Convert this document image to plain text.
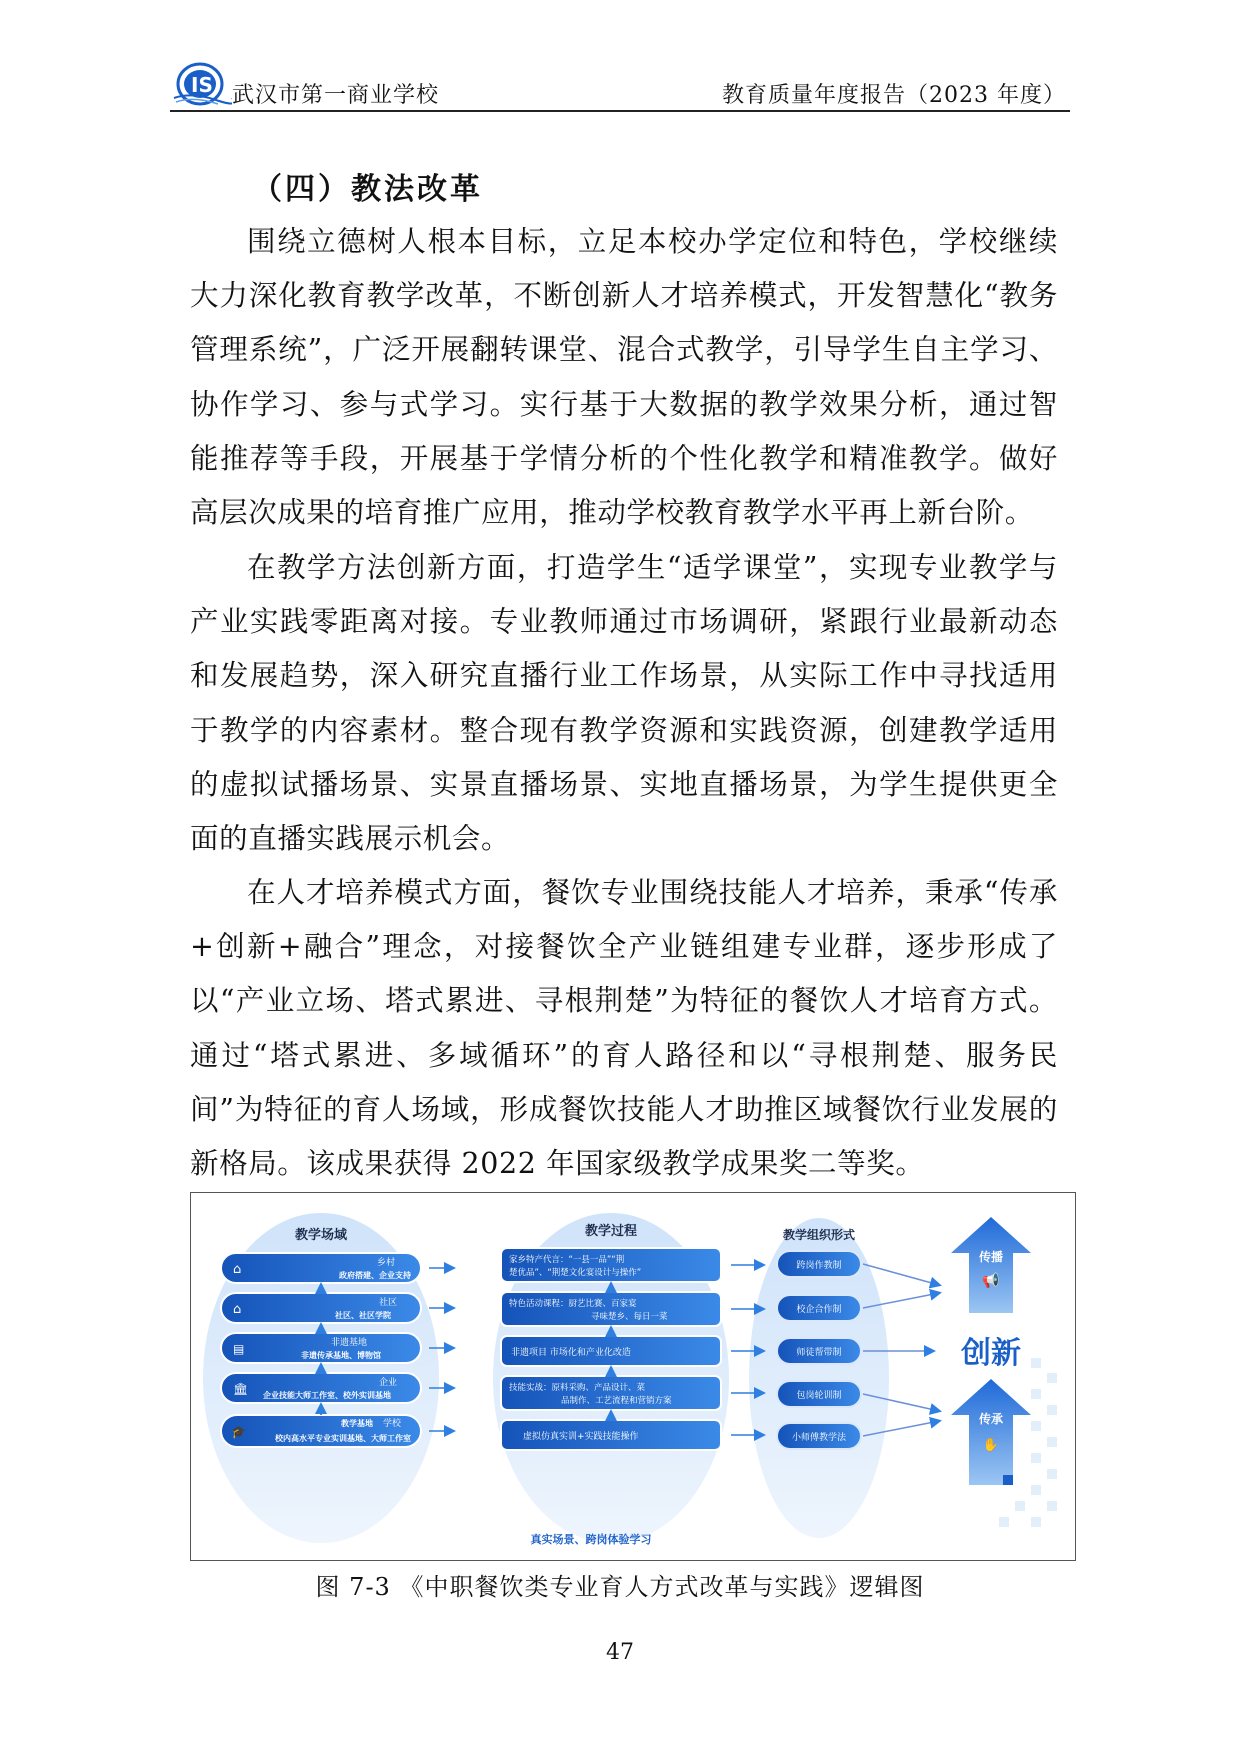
IS 武汉市第一商业学校	教育质量年度报告（2023 年度）
（四）教法改革

围绕立德树人根本目标，立足本校办学定位和特色，学校继续大力深化教育教学改革，不断创新人才培养模式，开发智慧化“教务管理系统”，广泛开展翻转课堂、混合式教学，引导学生自主学习、协作学习、参与式学习。实行基于大数据的教学效果分析，通过智能推荐等手段，开展基于学情分析的个性化教学和精准教学。做好高层次成果的培育推广应用，推动学校教育教学水平再上新台阶。

在教学方法创新方面，打造学生“适学课堂”，实现专业教学与产业实践零距离对接。专业教师通过市场调研，紧跟行业最新动态和发展趋势，深入研究直播行业工作场景，从实际工作中寻找适用于教学的内容素材。整合现有教学资源和实践资源，创建教学适用的虚拟试播场景、实景直播场景、实地直播场景，为学生提供更全面的直播实践展示机会。

在人才培养模式方面，餐饮专业围绕技能人才培养，秉承“传承+创新+融合”理念，对接餐饮全产业链组建专业群，逐步形成了以“产业立场、塔式累进、寻根荆楚”为特征的餐饮人才培育方式。通过“塔式累进、多域循环”的育人路径和以“寻根荆楚、服务民间”为特征的育人场域，形成餐饮技能人才助推区域餐饮行业发展的新格局。该成果获得 2022 年国家级教学成果奖二等奖。

教学场域	教学过程	教学组织形式
⌂	乡村
政府搭建、企业支持
⌂	社区
社区、社区学院
▤	非遗基地
非遗传承基地、博物馆
🏛	企业
企业技能大师工作室、校外实训基地
🎓
教学基地 学校
校内高水平专业实训基地、大师工作室
家乡特产代言：“一县一品”“荆
楚优品”、“荆楚文化宴设计与操作”
特色活动课程：厨艺比赛、百家宴
寻味楚乡、每日一菜
非遗项目 市场化和产业化改造
技能实战：原料采购、产品设计、菜
品制作、工艺流程和营销方案
虚拟仿真实训+实践技能操作
跨岗作教制
校企合作制
师徒帮带制
包岗轮训制
小师傅教学法
传播
📢
创新
传承
✋
真实场景、跨岗体验学习
图 7-3 《中职餐饮类专业育人方式改革与实践》逻辑图
47
